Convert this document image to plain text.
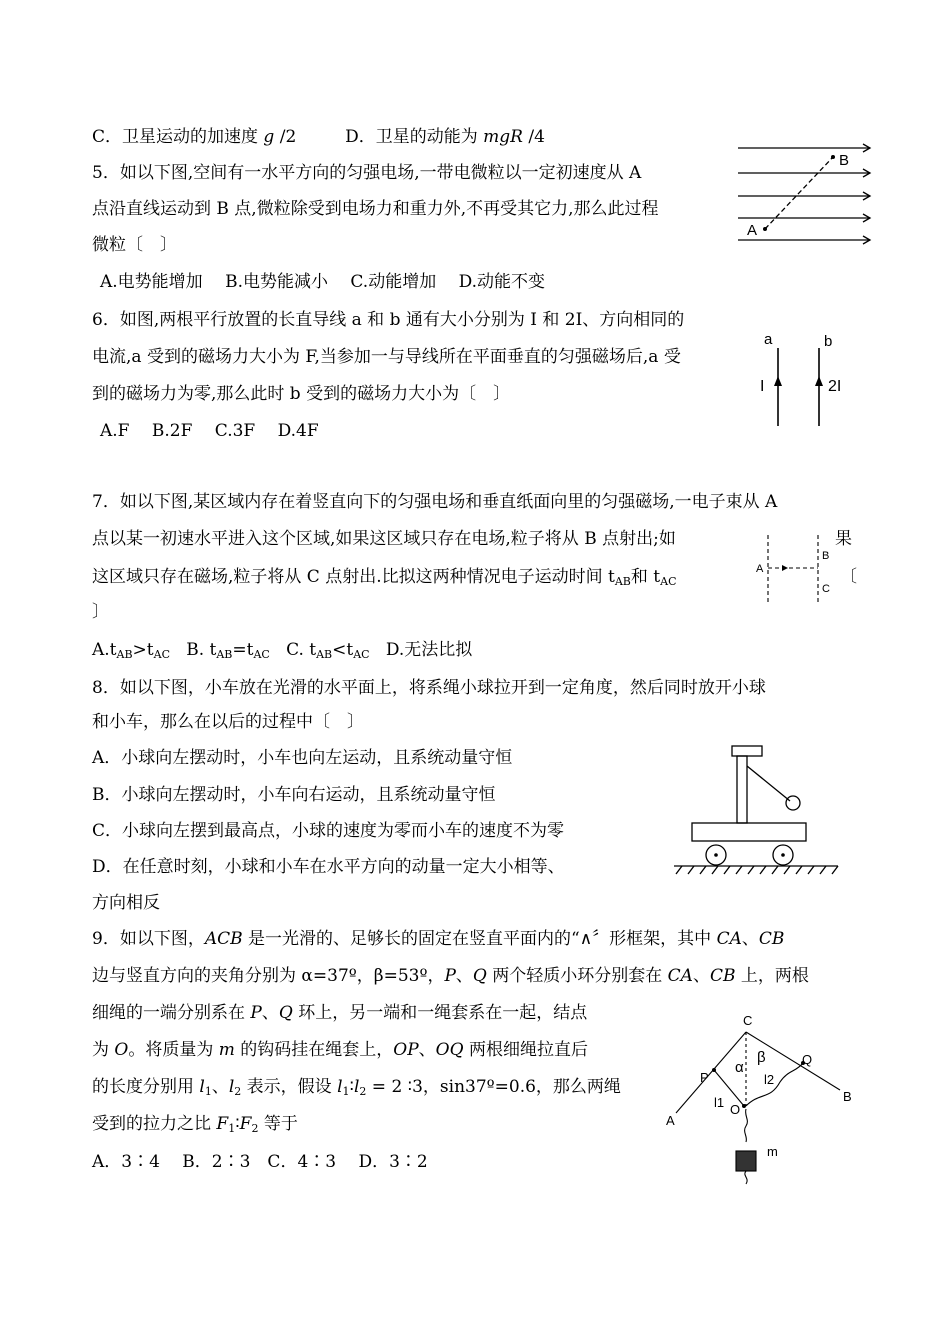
C．卫星运动的加速度 g /2	D．卫星的动能为 mgR /4
5．如以下图,空间有一水平方向的匀强电场,一带电微粒以一定初速度从 A
点沿直线运动到 B 点,微粒除受到电场力和重力外,不再受其它力,那么此过程
微粒〔　〕
A.电势能增加　 B.电势能减小　 C.动能增加　 D.动能不变
A
B
6．如图,两根平行放置的长直导线 a 和 b 通有大小分别为 I 和 2I、方向相同的
电流,a 受到的磁场力大小为 F,当参加一与导线所在平面垂直的匀强磁场后,a 受
到的磁场力为零,那么此时 b 受到的磁场力大小为〔　〕
A.F　 B.2F　 C.3F　 D.4F
a	b
I	2I
7．如以下图,某区域内存在着竖直向下的匀强电场和垂直纸面向里的匀强磁场,一电子束从 A
点以某一初速水平进入这个区域,如果这区域只存在电场,粒子将从 B 点射出;如	果
这区域只存在磁场,粒子将从 C 点射出.比拟这两种情况电子运动时间 $t_{AB}$和 $t_{AC}$	〔
〕
$A.t_{AB}>t_{AC}$ B. $t_{AB}=t_{AC}$ C. $t_{AB}<t_{AC}$ D.无法比拟
A
B
C
8．如以下图，小车放在光滑的水平面上，将系绳小球拉开到一定角度，然后同时放开小球
和小车，那么在以后的过程中〔　〕
A．小球向左摆动时，小车也向左运动，且系统动量守恒
B．小球向左摆动时，小车向右运动，且系统动量守恒
C．小球向左摆到最高点，小球的速度为零而小车的速度不为零
D．在任意时刻，小球和小车在水平方向的动量一定大小相等、
方向相反
9．如以下图，ACB 是一光滑的、足够长的固定在竖直平面内的“∧〞形框架，其中 CA、CB
边与竖直方向的夹角分别为 α=37º，β=53º，P、Q 两个轻质小环分别套在 CA、CB 上，两根
细绳的一端分别系在 P、Q 环上，另一端和一绳套系在一起，结点
为 O。将质量为 m 的钩码挂在绳套上，OP、OQ 两根细绳拉直后
的长度分别用 $l_1$、$l_2$ 表示，假设 $l_1∶l_2 = 2$ ∶3，sin37º=0.6，那么两绳
受到的拉力之比 $F_1∶F_2$ 等于
A．3∶4　 B．2∶3　C．4∶3　 D．3∶2
C
α
β
P
Q
l2
l1 O
A
B
m
